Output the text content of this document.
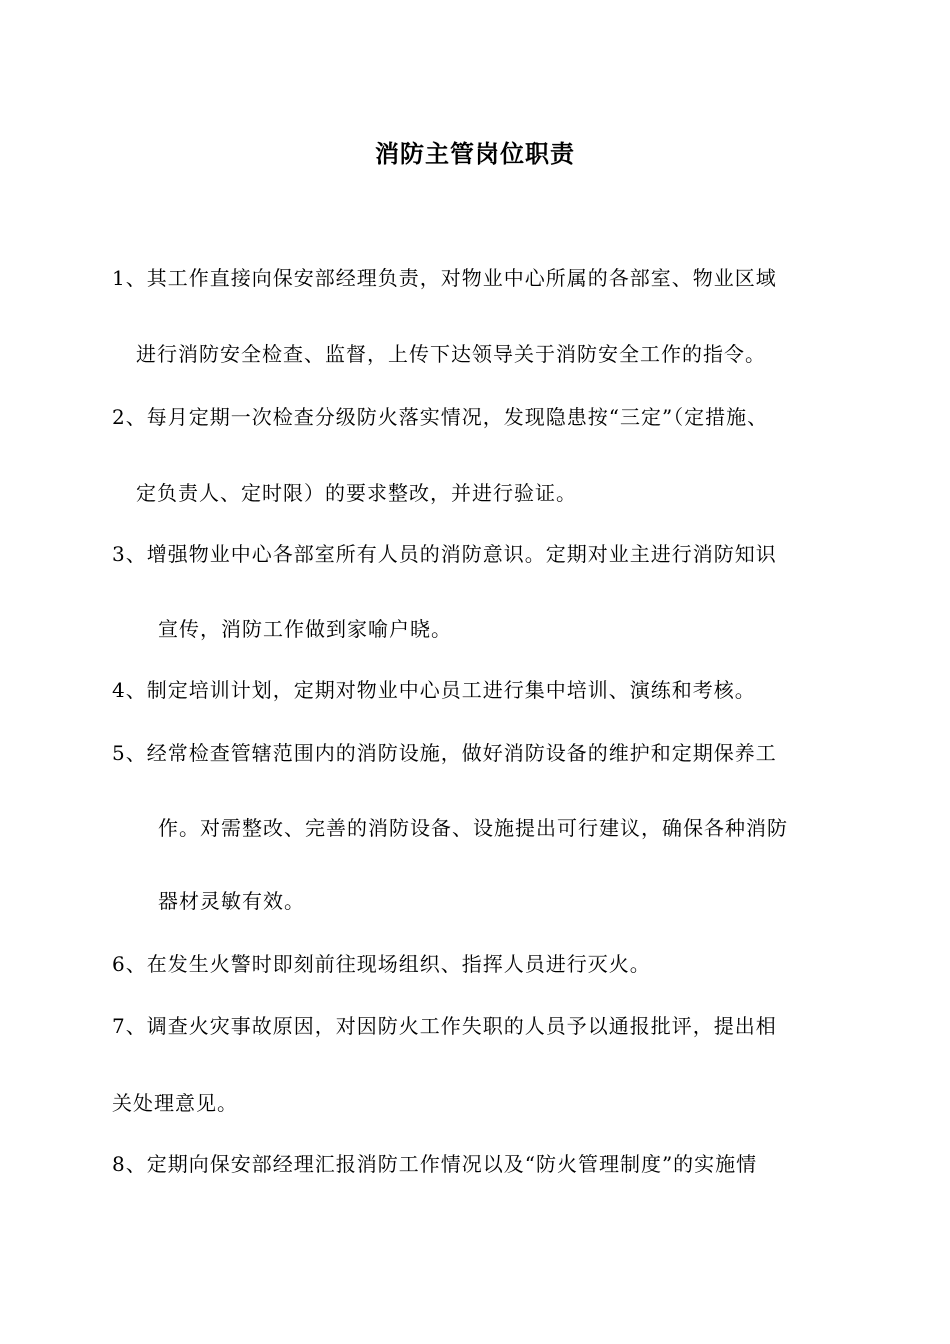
消防主管岗位职责
1、其工作直接向保安部经理负责，对物业中心所属的各部室、物业区域
进行消防安全检查、监督，上传下达领导关于消防安全工作的指令。
2、每月定期一次检查分级防火落实情况，发现隐患按“三定”（定措施、
定负责人、定时限）的要求整改，并进行验证。
3、增强物业中心各部室所有人员的消防意识。定期对业主进行消防知识
宣传，消防工作做到家喻户晓。
4、制定培训计划，定期对物业中心员工进行集中培训、演练和考核。
5、经常检查管辖范围内的消防设施，做好消防设备的维护和定期保养工
作。对需整改、完善的消防设备、设施提出可行建议，确保各种消防
器材灵敏有效。
6、在发生火警时即刻前往现场组织、指挥人员进行灭火。
7、调查火灾事故原因，对因防火工作失职的人员予以通报批评，提出相
关处理意见。
8、定期向保安部经理汇报消防工作情况以及“防火管理制度”的实施情
